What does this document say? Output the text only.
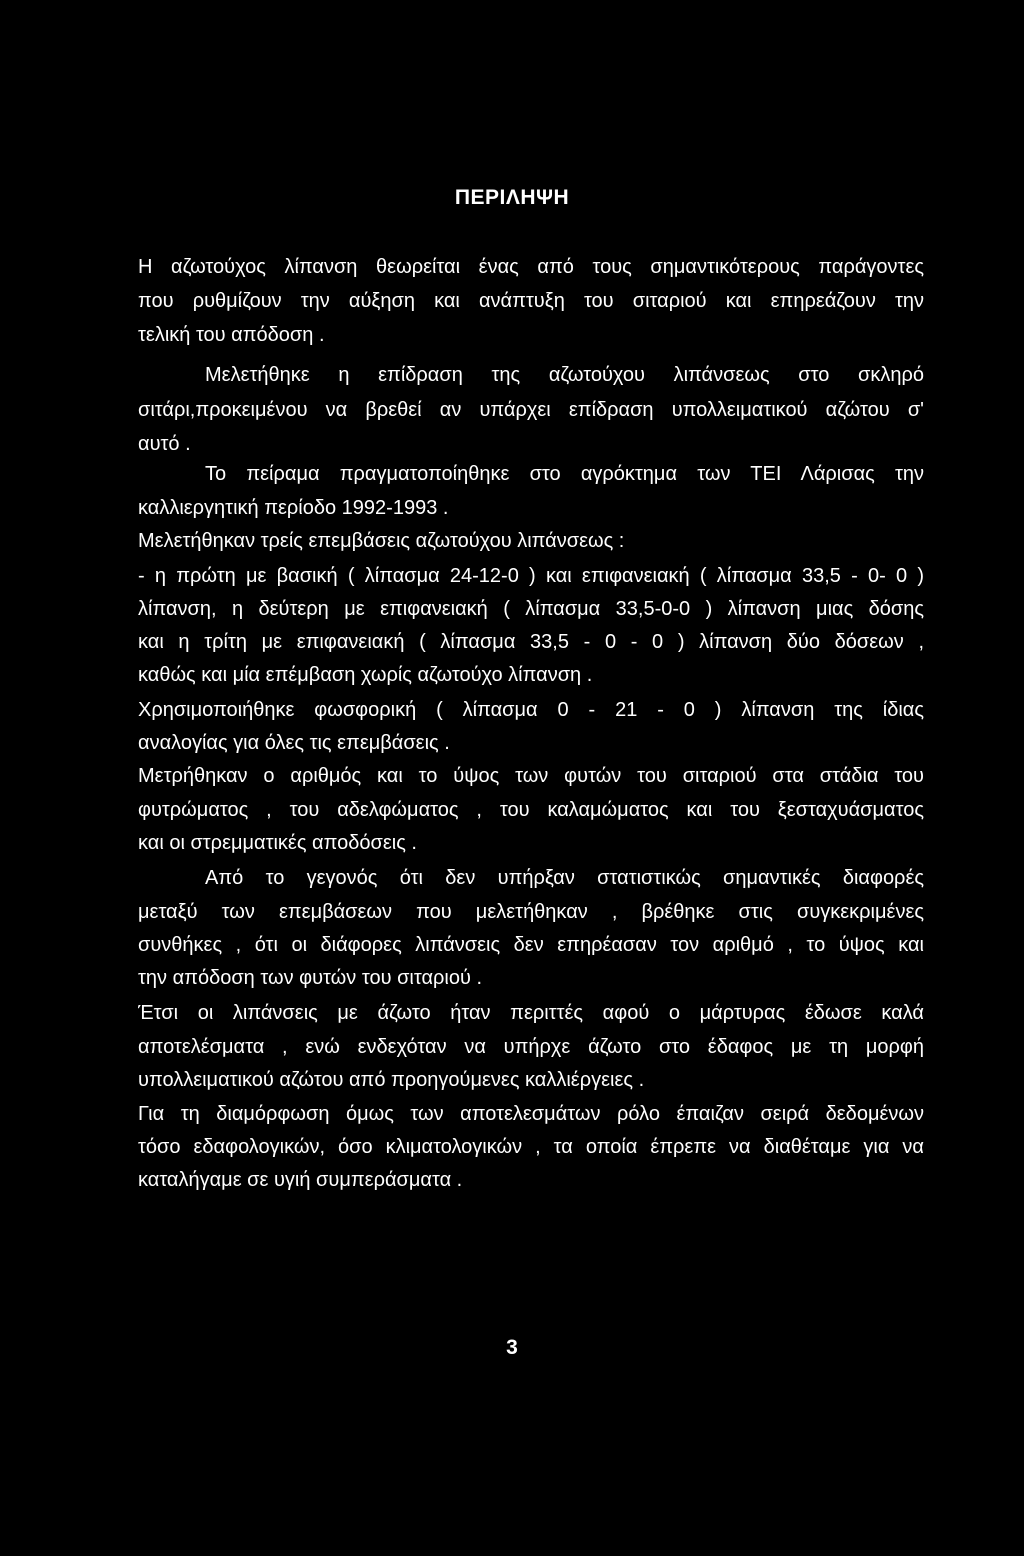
ΠΕΡΙΛΗΨΗ
Η αζωτούχος λίπανση θεωρείται ένας από τους σημαντικότερους παράγοντες
που ρυθμίζουν την αύξηση και ανάπτυξη του σιταριού και επηρεάζουν την
τελική του απόδοση .
Μελετήθηκε η επίδραση της αζωτούχου λιπάνσεως στο σκληρό
σιτάρι,προκειμένου να βρεθεί αν υπάρχει επίδραση υπολλειματικού αζώτου σ'
αυτό .
Το πείραμα πραγματοποίηθηκε στο αγρόκτημα των ΤΕΙ Λάρισας την
καλλιεργητική περίοδο 1992-1993 .
Μελετήθηκαν τρείς επεμβάσεις αζωτούχου λιπάνσεως :
- η πρώτη με βασική ( λίπασμα 24-12-0 ) και επιφανειακή ( λίπασμα 33,5 - 0- 0 )
λίπανση, η δεύτερη με επιφανειακή ( λίπασμα 33,5-0-0 ) λίπανση μιας δόσης
και η τρίτη με επιφανειακή ( λίπασμα 33,5 - 0 - 0 ) λίπανση δύο δόσεων ,
καθώς και μία επέμβαση χωρίς αζωτούχο λίπανση .
Χρησιμοποιήθηκε φωσφορική ( λίπασμα 0 - 21 - 0 ) λίπανση της ίδιας
αναλογίας για όλες τις επεμβάσεις .
Μετρήθηκαν ο αριθμός και το ύψος των φυτών του σιταριού στα στάδια του
φυτρώματος , του αδελφώματος , του καλαμώματος και του ξεσταχυάσματος
και οι στρεμματικές αποδόσεις .
Από το γεγονός ότι δεν υπήρξαν στατιστικώς σημαντικές διαφορές
μεταξύ των επεμβάσεων που μελετήθηκαν , βρέθηκε στις συγκεκριμένες
συνθήκες , ότι οι διάφορες λιπάνσεις δεν επηρέασαν τον αριθμό , το ύψος και
την απόδοση των φυτών του σιταριού .
Έτσι οι λιπάνσεις με άζωτο ήταν περιττές αφού ο μάρτυρας έδωσε καλά
αποτελέσματα , ενώ ενδεχόταν να υπήρχε άζωτο στο έδαφος με τη μορφή
υπολλειματικού αζώτου από προηγούμενες καλλιέργειες .
Για τη διαμόρφωση όμως των αποτελεσμάτων ρόλο έπαιζαν σειρά δεδομένων
τόσο εδαφολογικών, όσο κλιματολογικών , τα οποία έπρεπε να διαθέταμε για να
καταλήγαμε σε υγιή συμπεράσματα .
3
